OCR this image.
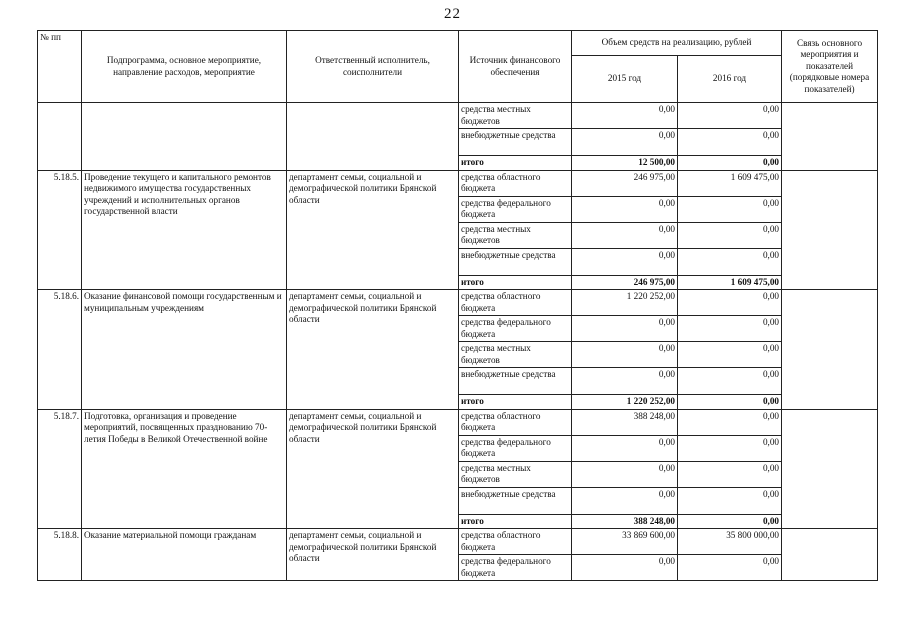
22
№ пп	Подпрограмма, основное мероприятие, направление расходов, мероприятие	Ответственный исполнитель, соисполнители	Источник финансового обеспечения	Объем средств на реализацию, рублей		Связь основного мероприятия и показателей (порядковые номера показателей)
				2015 год	2016 год	
			средства местных бюджетов	0,00	0,00	
			внебюджетные средства	0,00	0,00	
			итого	12 500,00	0,00	
5.18.5.	Проведение текущего и капитального ремонтов недвижимого имущества государственных учреждений и исполнительных органов государственной власти	департамент семьи, социальной и демографической политики Брянской области	средства областного бюджета	246 975,00	1 609 475,00	
			средства федерального бюджета	0,00	0,00	
			средства местных бюджетов	0,00	0,00	
			внебюджетные средства	0,00	0,00	
			итого	246 975,00	1 609 475,00	
5.18.6.	Оказание финансовой помощи государственным и муниципальным учреждениям	департамент семьи, социальной и демографической политики Брянской области	средства областного бюджета	1 220 252,00	0,00	
			средства федерального бюджета	0,00	0,00	
			средства местных бюджетов	0,00	0,00	
			внебюджетные средства	0,00	0,00	
			итого	1 220 252,00	0,00	
5.18.7.	Подготовка, организация и проведение мероприятий, посвященных празднованию 70-летия Победы в Великой Отечественной войне	департамент семьи, социальной и демографической политики Брянской области	средства областного бюджета	388 248,00	0,00	
			средства федерального бюджета	0,00	0,00	
			средства местных бюджетов	0,00	0,00	
			внебюджетные средства	0,00	0,00	
			итого	388 248,00	0,00	
5.18.8.	Оказание материальной помощи гражданам	департамент семьи, социальной и демографической политики Брянской области	средства областного бюджета	33 869 600,00	35 800 000,00	
			средства федерального бюджета	0,00	0,00	
